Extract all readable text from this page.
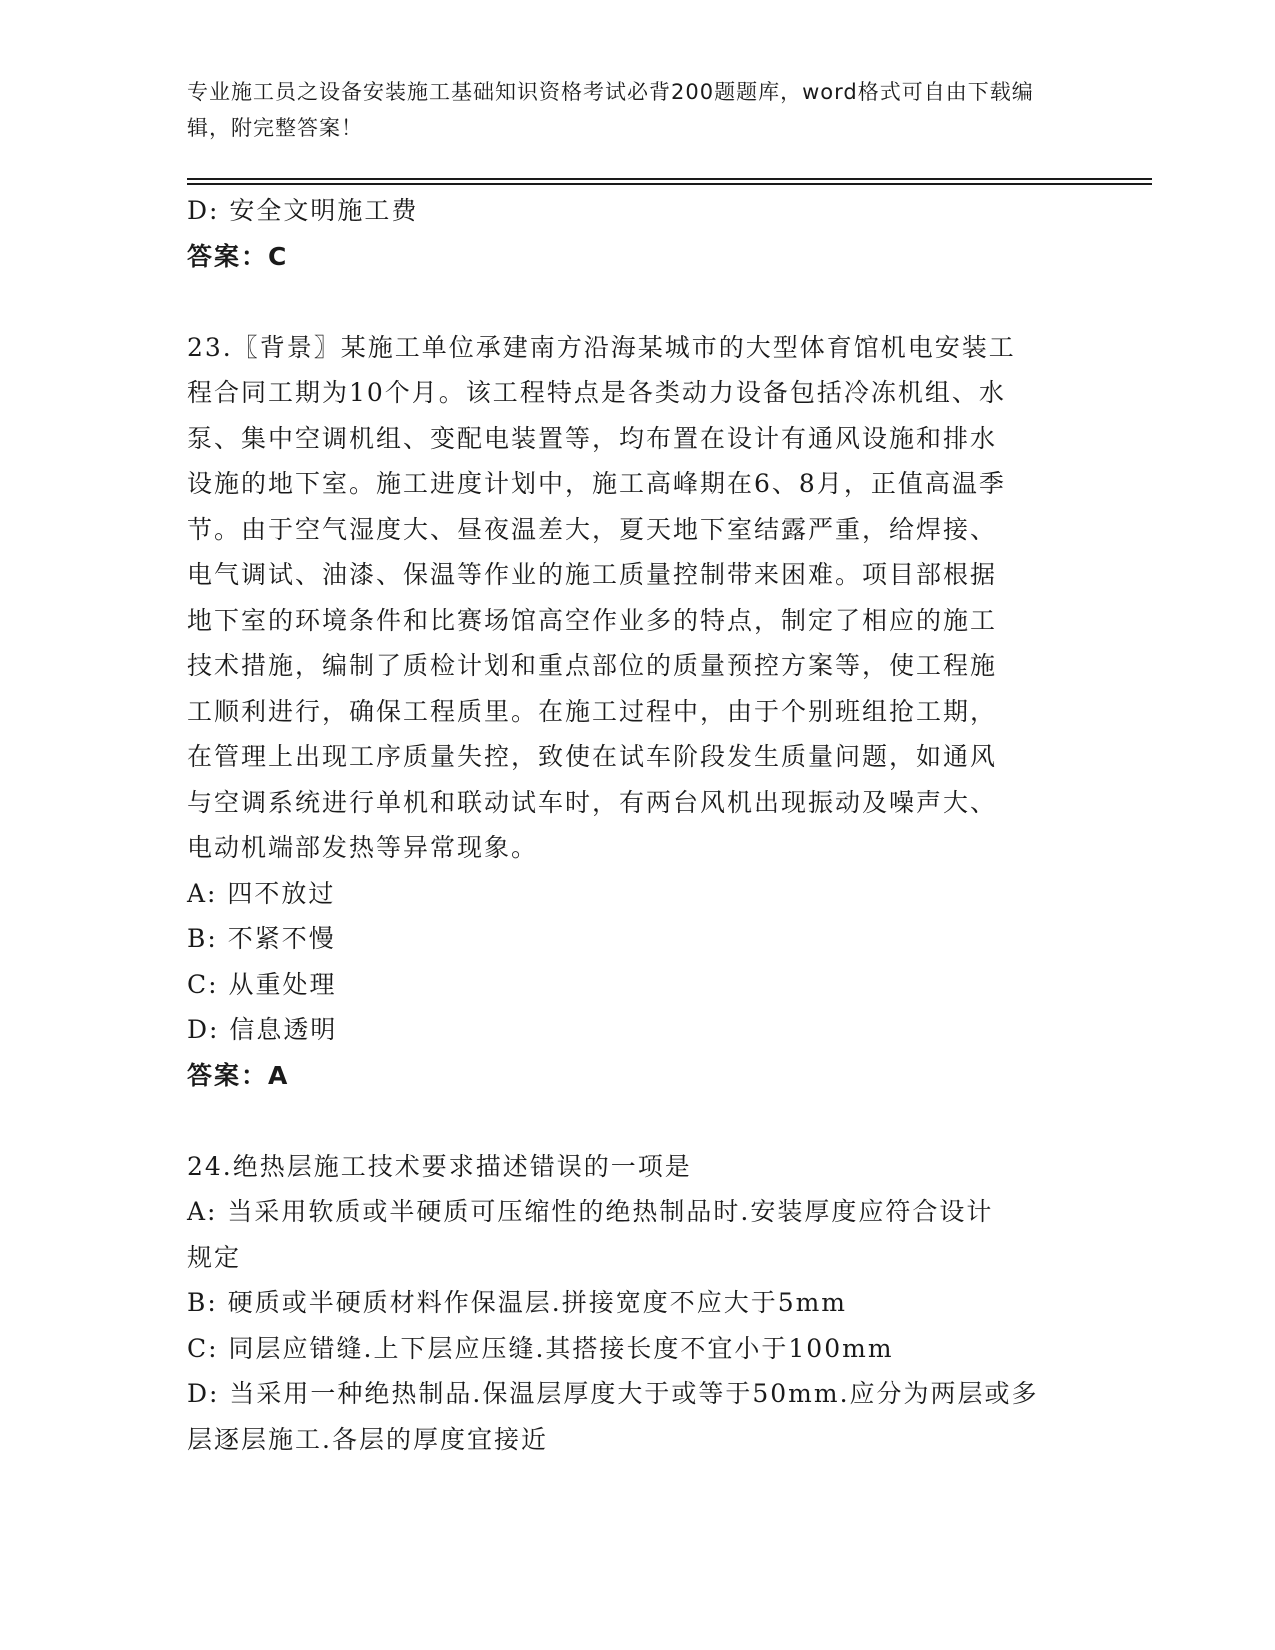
专业施工员之设备安装施工基础知识资格考试必背200题题库，word格式可自由下载编辑，附完整答案！
D: 安全文明施工费
答案：C
23.〖背景〗某施工单位承建南方沿海某城市的大型体育馆机电安装工
程合同工期为10个月。该工程特点是各类动力设备包括冷冻机组、水
泵、集中空调机组、变配电装置等，均布置在设计有通风设施和排水
设施的地下室。施工进度计划中，施工高峰期在6、8月，正值高温季
节。由于空气湿度大、昼夜温差大，夏天地下室结露严重，给焊接、
电气调试、油漆、保温等作业的施工质量控制带来困难。项目部根据
地下室的环境条件和比赛场馆高空作业多的特点，制定了相应的施工
技术措施，编制了质检计划和重点部位的质量预控方案等，使工程施
工顺利进行，确保工程质里。在施工过程中，由于个别班组抢工期，
在管理上出现工序质量失控，致使在试车阶段发生质量问题，如通风
与空调系统进行单机和联动试车时，有两台风机出现振动及噪声大、
电动机端部发热等异常现象。
A: 四不放过
B: 不紧不慢
C: 从重处理
D: 信息透明
答案：A
24.绝热层施工技术要求描述错误的一项是
A: 当采用软质或半硬质可压缩性的绝热制品时.安装厚度应符合设计
规定
B: 硬质或半硬质材料作保温层.拼接宽度不应大于5mm
C: 同层应错缝.上下层应压缝.其搭接长度不宜小于100mm
D: 当采用一种绝热制品.保温层厚度大于或等于50mm.应分为两层或多
层逐层施工.各层的厚度宜接近
